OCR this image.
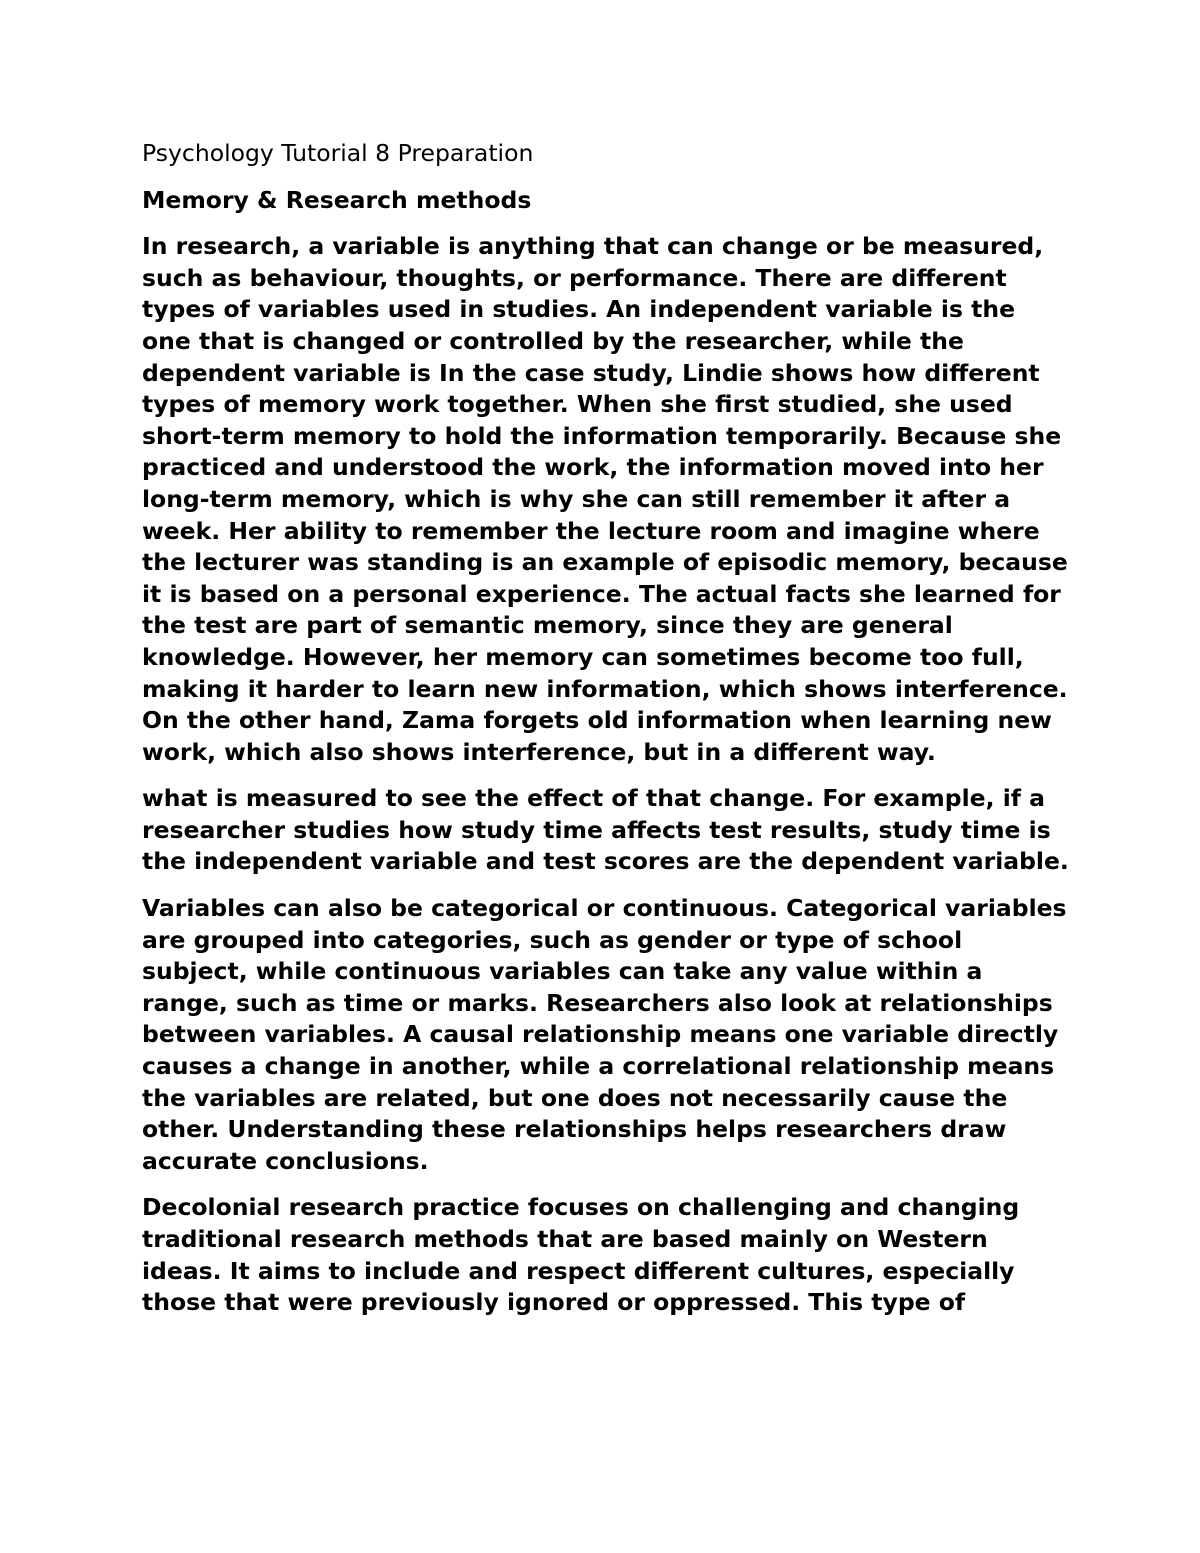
Psychology Tutorial 8 Preparation
Memory & Research methods
In research, a variable is anything that can change or be measured, such as behaviour, thoughts, or performance. There are different types of variables used in studies. An independent variable is the one that is changed or controlled by the researcher, while the dependent variable is In the case study, Lindie shows how different types of memory work together. When she first studied, she used short-term memory to hold the information temporarily. Because she practiced and understood the work, the information moved into her long-term memory, which is why she can still remember it after a week. Her ability to remember the lecture room and imagine where the lecturer was standing is an example of episodic memory, because it is based on a personal experience. The actual facts she learned for the test are part of semantic memory, since they are general knowledge. However, her memory can sometimes become too full, making it harder to learn new information, which shows interference. On the other hand, Zama forgets old information when learning new work, which also shows interference, but in a different way.
what is measured to see the effect of that change. For example, if a researcher studies how study time affects test results, study time is the independent variable and test scores are the dependent variable.
Variables can also be categorical or continuous. Categorical variables are grouped into categories, such as gender or type of school subject, while continuous variables can take any value within a range, such as time or marks. Researchers also look at relationships between variables. A causal relationship means one variable directly causes a change in another, while a correlational relationship means the variables are related, but one does not necessarily cause the other. Understanding these relationships helps researchers draw accurate conclusions.
Decolonial research practice focuses on challenging and changing traditional research methods that are based mainly on Western ideas. It aims to include and respect different cultures, especially those that were previously ignored or oppressed. This type of
